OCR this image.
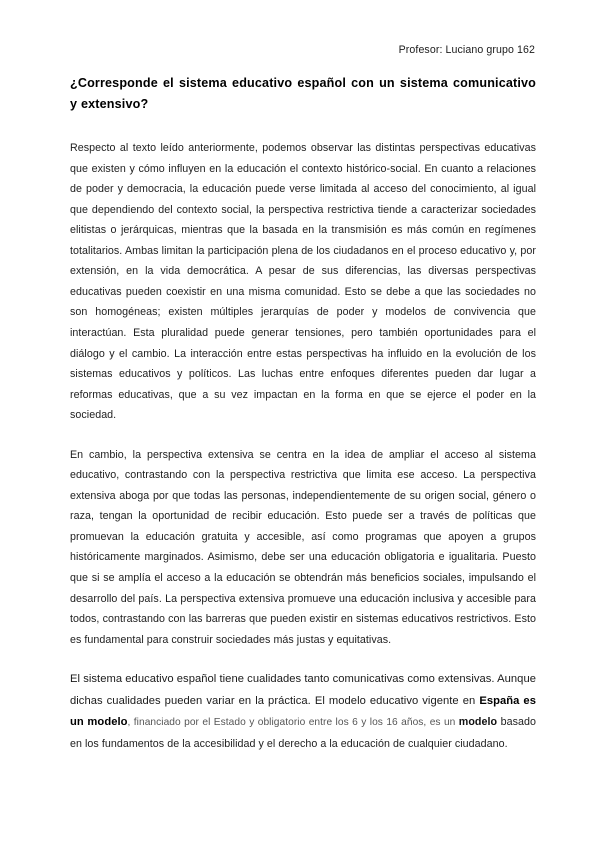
Profesor: Luciano grupo 162
¿Corresponde el sistema educativo español con un sistema comunicativo y extensivo?

Respecto al texto leído anteriormente, podemos observar las distintas perspectivas educativas que existen y cómo influyen en la educación el contexto histórico-social. En cuanto a relaciones de poder y democracia, la educación puede verse limitada al acceso del conocimiento, al igual que dependiendo del contexto social, la perspectiva restrictiva tiende a caracterizar sociedades elitistas o jerárquicas, mientras que la basada en la transmisión es más común en regímenes totalitarios. Ambas limitan la participación plena de los ciudadanos en el proceso educativo y, por extensión, en la vida democrática. A pesar de sus diferencias, las diversas perspectivas educativas pueden coexistir en una misma comunidad. Esto se debe a que las sociedades no son homogéneas; existen múltiples jerarquías de poder y modelos de convivencia que interactúan. Esta pluralidad puede generar tensiones, pero también oportunidades para el diálogo y el cambio. La interacción entre estas perspectivas ha influido en la evolución de los sistemas educativos y políticos. Las luchas entre enfoques diferentes pueden dar lugar a reformas educativas, que a su vez impactan en la forma en que se ejerce el poder en la sociedad.

En cambio, la perspectiva extensiva se centra en la idea de ampliar el acceso al sistema educativo, contrastando con la perspectiva restrictiva que limita ese acceso. La perspectiva extensiva aboga por que todas las personas, independientemente de su origen social, género o raza, tengan la oportunidad de recibir educación. Esto puede ser a través de políticas que promuevan la educación gratuita y accesible, así como programas que apoyen a grupos históricamente marginados. Asimismo, debe ser una educación obligatoria e igualitaria. Puesto que si se amplía el acceso a la educación se obtendrán más beneficios sociales, impulsando el desarrollo del país. La perspectiva extensiva promueve una educación inclusiva y accesible para todos, contrastando con las barreras que pueden existir en sistemas educativos restrictivos. Esto es fundamental para construir sociedades más justas y equitativas.

El sistema educativo español tiene cualidades tanto comunicativas como extensivas. Aunque dichas cualidades pueden variar en la práctica. El modelo educativo vigente en España es un modelo, financiado por el Estado y obligatorio entre los 6 y los 16 años, es un modelo basado en los fundamentos de la accesibilidad y el derecho a la educación de cualquier ciudadano.
